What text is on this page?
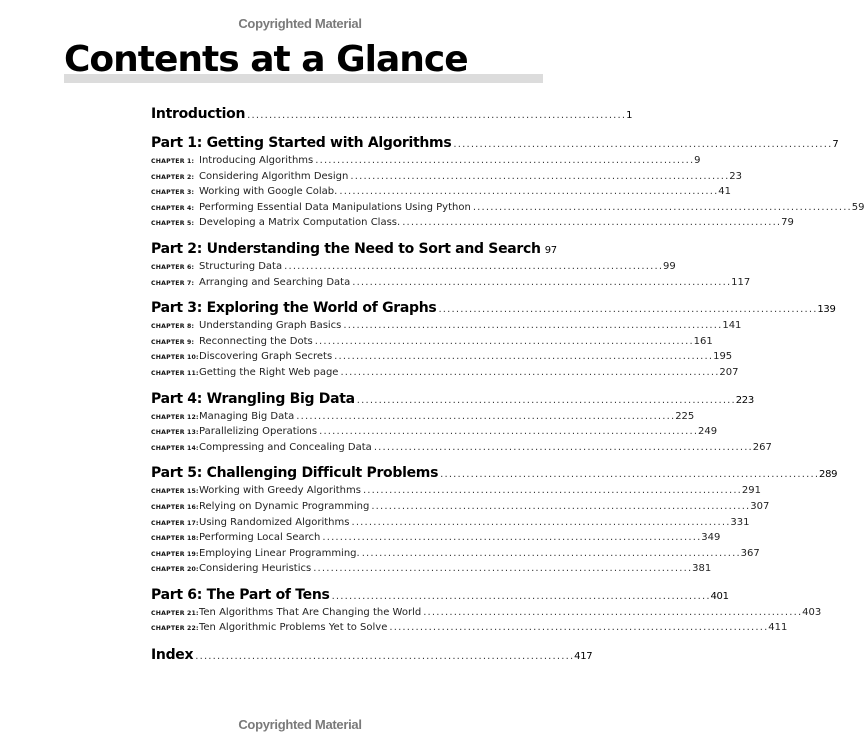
Copyrighted Material
Contents at a Glance
Introduction . . .	1
Part 1: Getting Started with Algorithms . . .	7
CHAPTER 1: Introducing Algorithms . . .	9
CHAPTER 2: Considering Algorithm Design . . .	23
CHAPTER 3: Working with Google Colab. . . .	41
CHAPTER 4: Performing Essential Data Manipulations Using Python . . .	59
CHAPTER 5: Developing a Matrix Computation Class. . . .	79
Part 2: Understanding the Need to Sort and Search 97
CHAPTER 6: Structuring Data . . .	99
CHAPTER 7: Arranging and Searching Data . . .	117
Part 3: Exploring the World of Graphs . . .	139
CHAPTER 8: Understanding Graph Basics . . .	141
CHAPTER 9: Reconnecting the Dots . . .	161
CHAPTER 10: Discovering Graph Secrets . . .	195
CHAPTER 11: Getting the Right Web page . . .	207
Part 4: Wrangling Big Data . . .	223
CHAPTER 12: Managing Big Data . . .	225
CHAPTER 13: Parallelizing Operations . . .	249
CHAPTER 14: Compressing and Concealing Data . . .	267
Part 5: Challenging Difficult Problems . . .	289
CHAPTER 15: Working with Greedy Algorithms . . .	291
CHAPTER 16: Relying on Dynamic Programming . . .	307
CHAPTER 17: Using Randomized Algorithms . . .	331
CHAPTER 18: Performing Local Search . . .	349
CHAPTER 19: Employing Linear Programming. . . .	367
CHAPTER 20: Considering Heuristics . . .	381
Part 6: The Part of Tens . . .	401
CHAPTER 21: Ten Algorithms That Are Changing the World . . .	403
CHAPTER 22: Ten Algorithmic Problems Yet to Solve . . .	411
Index . . .	417
Copyrighted Material
